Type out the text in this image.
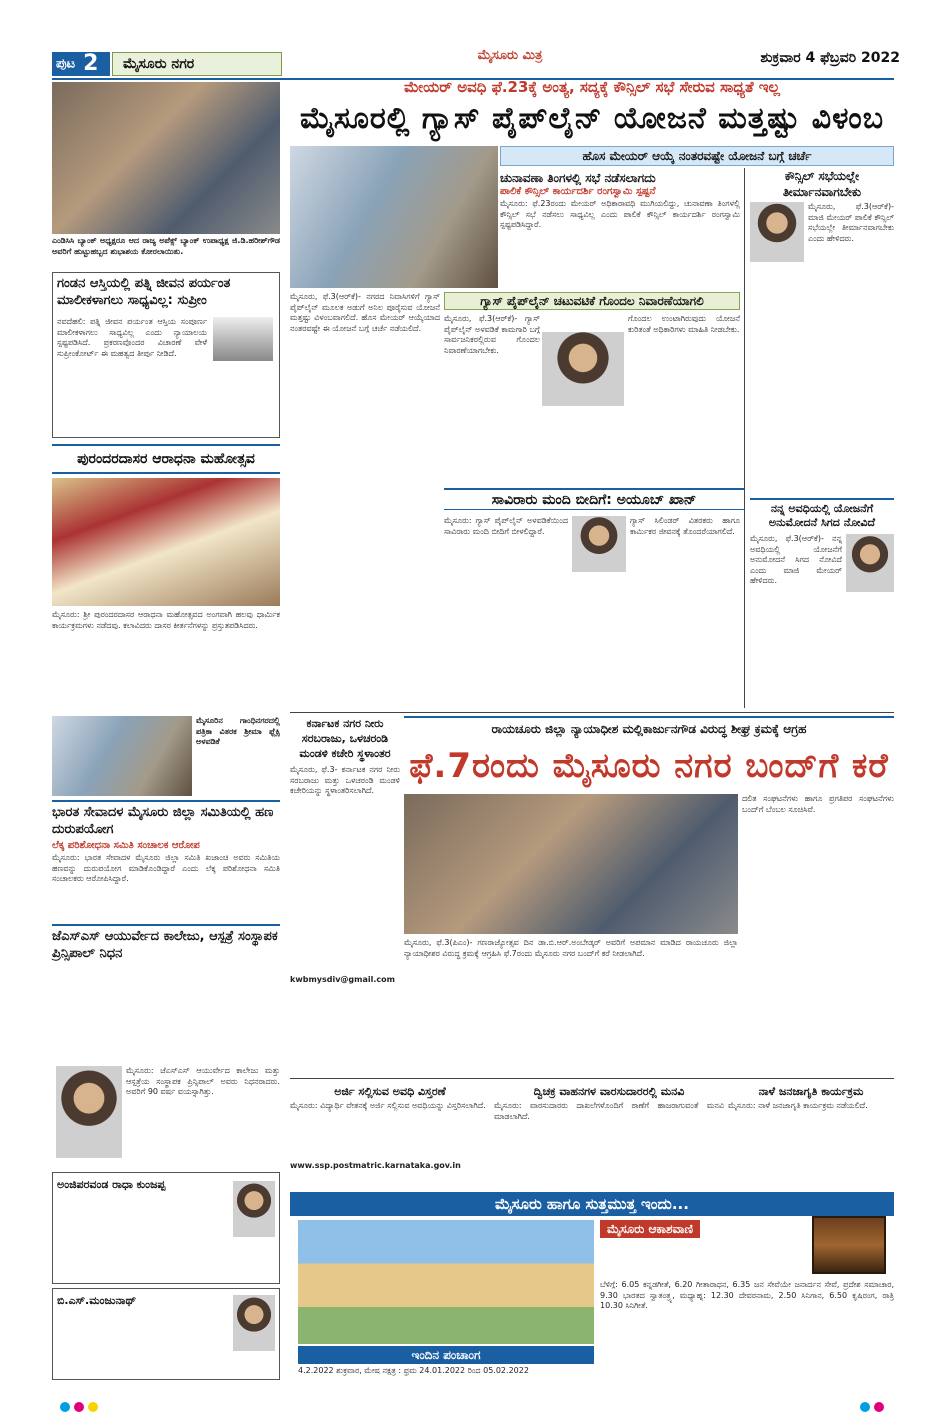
ಪುಟ 2	ಮೈಸೂರು ನಗರ
ಮೈಸೂರು ಮಿತ್ರ	ಶುಕ್ರವಾರ 4 ಫೆಬ್ರವರಿ 2022
ಎಂಡಿಸಿಸಿ ಬ್ಯಾಂಕ್ ಅಧ್ಯಕ್ಷರೂ ಆದ ರಾಜ್ಯ ಅಪೆಕ್ಸ್ ಬ್ಯಾಂಕ್ ಉಪಾಧ್ಯಕ್ಷ ಜಿ.ಡಿ.ಹರೀಶ್‌ಗೌಡ ಅವರಿಗೆ ಹುಟ್ಟುಹಬ್ಬದ ಶುಭಾಶಯ ಕೋರಲಾಯಿತು.
ಗಂಡನ ಆಸ್ತಿಯಲ್ಲಿ ಪತ್ನಿ ಜೀವನ ಪರ್ಯಂತ ಮಾಲೀಕಳಾಗಲು ಸಾಧ್ಯವಿಲ್ಲ: ಸುಪ್ರೀಂ
ನವದೆಹಲಿ: ಪತ್ನಿ ಜೀವನ ಪರ್ಯಂತ ಆಸ್ತಿಯ ಸಂಪೂರ್ಣ ಮಾಲೀಕಳಾಗಲು ಸಾಧ್ಯವಿಲ್ಲ ಎಂದು ನ್ಯಾಯಾಲಯ ಸ್ಪಷ್ಟಪಡಿಸಿದೆ. ಪ್ರಕರಣವೊಂದರ ವಿಚಾರಣೆ ವೇಳೆ ಸುಪ್ರೀಂಕೋರ್ಟ್ ಈ ಮಹತ್ವದ ತೀರ್ಪು ನೀಡಿದೆ.
ಪುರಂದರದಾಸರ ಆರಾಧನಾ ಮಹೋತ್ಸವ
ಮೈಸೂರು: ಶ್ರೀ ಪುರಂದರದಾಸರ ಆರಾಧನಾ ಮಹೋತ್ಸವದ ಅಂಗವಾಗಿ ಹಲವು ಧಾರ್ಮಿಕ ಕಾರ್ಯಕ್ರಮಗಳು ನಡೆದವು. ಕಲಾವಿದರು ದಾಸರ ಕೀರ್ತನೆಗಳನ್ನು ಪ್ರಸ್ತುತಪಡಿಸಿದರು.
ಮೈಸೂರಿನ ಗಾಂಧಿನಗರದಲ್ಲಿ ಪತ್ರಿಕಾ ವಿತರಕ ಶ್ರೀಮಾ ಫ್ಲೆಕ್ಸಿ ಅಳವಡಿಕೆ
ಭಾರತ ಸೇವಾದಳ ಮೈಸೂರು ಜಿಲ್ಲಾ ಸಮಿತಿಯಲ್ಲಿ ಹಣ ದುರುಪಯೋಗ
ಲೆಕ್ಕ ಪರಿಶೋಧನಾ ಸಮಿತಿ ಸಂಚಾಲಕ ಆರೋಪ
ಮೈಸೂರು: ಭಾರತ ಸೇವಾದಳ ಮೈಸೂರು ಜಿಲ್ಲಾ ಸಮಿತಿ ಖಜಾಂಚಿ ಅವರು ಸಮಿತಿಯ ಹಣವನ್ನು ದುರುಪಯೋಗ ಮಾಡಿಕೊಂಡಿದ್ದಾರೆ ಎಂದು ಲೆಕ್ಕ ಪರಿಶೋಧನಾ ಸಮಿತಿ ಸಂಚಾಲಕರು ಆರೋಪಿಸಿದ್ದಾರೆ.
ಜೆಎಸ್‌ಎಸ್ ಆಯುರ್ವೇದ ಕಾಲೇಜು, ಆಸ್ಪತ್ರೆ ಸಂಸ್ಥಾಪಕ ಪ್ರಿನ್ಸಿಪಾಲ್ ನಿಧನ
ಮೈಸೂರು: ಜೆಎಸ್‌ಎಸ್ ಆಯುರ್ವೇದ ಕಾಲೇಜು ಮತ್ತು ಆಸ್ಪತ್ರೆಯ ಸಂಸ್ಥಾಪಕ ಪ್ರಿನ್ಸಿಪಾಲ್ ಅವರು ನಿಧನರಾದರು. ಅವರಿಗೆ 90 ವರ್ಷ ವಯಸ್ಸಾಗಿತ್ತು.
ಅಂಜಿಪರವಂಡ ರಾಧಾ ಕುಂಜಪ್ಪ
ಬಿ.ಎಸ್.ಮಂಜುನಾಥ್
ಮೇಯರ್ ಅವಧಿ ಫೆ.23ಕ್ಕೆ ಅಂತ್ಯ, ಸದ್ಯಕ್ಕೆ ಕೌನ್ಸಿಲ್ ಸಭೆ ಸೇರುವ ಸಾಧ್ಯತೆ ಇಲ್ಲ
ಮೈಸೂರಲ್ಲಿ ಗ್ಯಾಸ್ ಪೈಪ್‌ಲೈನ್ ಯೋಜನೆ ಮತ್ತಷ್ಟು ವಿಳಂಬ
ಹೊಸ ಮೇಯರ್ ಆಯ್ಕೆ ನಂತರವಷ್ಟೇ ಯೋಜನೆ ಬಗ್ಗೆ ಚರ್ಚೆ
ಚುನಾವಣಾ ತಿಂಗಳಲ್ಲಿ ಸಭೆ ನಡೆಸಲಾಗದು
ಪಾಲಿಕೆ ಕೌನ್ಸಿಲ್ ಕಾರ್ಯದರ್ಶಿ ರಂಗಸ್ವಾಮಿ ಸ್ಪಷ್ಟನೆ
ಮೈಸೂರು: ಫೆ.23ರಂದು ಮೇಯರ್ ಅಧಿಕಾರಾವಧಿ ಮುಗಿಯಲಿದ್ದು, ಚುನಾವಣಾ ತಿಂಗಳಲ್ಲಿ ಕೌನ್ಸಿಲ್ ಸಭೆ ನಡೆಸಲು ಸಾಧ್ಯವಿಲ್ಲ ಎಂದು ಪಾಲಿಕೆ ಕೌನ್ಸಿಲ್ ಕಾರ್ಯದರ್ಶಿ ರಂಗಸ್ವಾಮಿ ಸ್ಪಷ್ಟಪಡಿಸಿದ್ದಾರೆ.
ಕೌನ್ಸಿಲ್ ಸಭೆಯಲ್ಲೇ ತೀರ್ಮಾನವಾಗಬೇಕು
ಮೈಸೂರು, ಫೆ.3(ಆರ್‌ಕೆ)- ಮಾಜಿ ಮೇಯರ್ ಪಾಲಿಕೆ ಕೌನ್ಸಿಲ್ ಸಭೆಯಲ್ಲೇ ತೀರ್ಮಾನವಾಗಬೇಕು ಎಂದು ಹೇಳಿದರು.
ಮೈಸೂರು, ಫೆ.3(ಆರ್‌ಕೆ)- ನಗರದ ನಿವಾಸಿಗಳಿಗೆ ಗ್ಯಾಸ್ ಪೈಪ್‌ಲೈನ್ ಮೂಲಕ ಅಡುಗೆ ಅನಿಲ ಪೂರೈಸುವ ಯೋಜನೆ ಮತ್ತಷ್ಟು ವಿಳಂಬವಾಗಲಿದೆ. ಹೊಸ ಮೇಯರ್ ಆಯ್ಕೆಯಾದ ನಂತರವಷ್ಟೇ ಈ ಯೋಜನೆ ಬಗ್ಗೆ ಚರ್ಚೆ ನಡೆಯಲಿದೆ.
ಗ್ಯಾಸ್ ಪೈಪ್‌ಲೈನ್ ಚಟುವಟಿಕೆ ಗೊಂದಲ ನಿವಾರಣೆಯಾಗಲಿ
ಮೈಸೂರು, ಫೆ.3(ಆರ್‌ಕೆ)- ಗ್ಯಾಸ್ ಪೈಪ್‌ಲೈನ್ ಅಳವಡಿಕೆ ಕಾಮಗಾರಿ ಬಗ್ಗೆ ಸಾರ್ವಜನಿಕರಲ್ಲಿರುವ ಗೊಂದಲ ನಿವಾರಣೆಯಾಗಬೇಕು.
ಗೊಂದಲ ಉಂಟಾಗಿರುವುದು ಯೋಜನೆ ಕುರಿತಂತೆ ಅಧಿಕಾರಿಗಳು ಮಾಹಿತಿ ನೀಡಬೇಕು.
ಸಾವಿರಾರು ಮಂದಿ ಬೀದಿಗೆ: ಅಯೂಬ್ ಖಾನ್
ಮೈಸೂರು: ಗ್ಯಾಸ್ ಪೈಪ್‌ಲೈನ್ ಅಳವಡಿಕೆಯಿಂದ ಸಾವಿರಾರು ಮಂದಿ ಬೀದಿಗೆ ಬೀಳಲಿದ್ದಾರೆ.
ಗ್ಯಾಸ್ ಸಿಲಿಂಡರ್ ವಿತರಕರು ಹಾಗೂ ಕಾರ್ಮಿಕರ ಜೀವನಕ್ಕೆ ತೊಂದರೆಯಾಗಲಿದೆ.
ನನ್ನ ಅವಧಿಯಲ್ಲಿ ಯೋಜನೆಗೆ ಅನುಮೋದನೆ ಸಿಗದ ನೋವಿದೆ
ಮೈಸೂರು, ಫೆ.3(ಆರ್‌ಕೆ)- ನನ್ನ ಅವಧಿಯಲ್ಲಿ ಯೋಜನೆಗೆ ಅನುಮೋದನೆ ಸಿಗದ ನೋವಿದೆ ಎಂದು ಮಾಜಿ ಮೇಯರ್ ಹೇಳಿದರು.
ಕರ್ನಾಟಕ ನಗರ ನೀರು ಸರಬರಾಜು, ಒಳಚರಂಡಿ ಮಂಡಳಿ ಕಚೇರಿ ಸ್ಥಳಾಂತರ
ಮೈಸೂರು, ಫೆ.3- ಕರ್ನಾಟಕ ನಗರ ನೀರು ಸರಬರಾಜು ಮತ್ತು ಒಳಚರಂಡಿ ಮಂಡಳಿ ಕಚೇರಿಯನ್ನು ಸ್ಥಳಾಂತರಿಸಲಾಗಿದೆ.
kwbmysdiv@gmail.com
ರಾಯಚೂರು ಜಿಲ್ಲಾ ನ್ಯಾಯಾಧೀಶ ಮಲ್ಲಿಕಾರ್ಜುನಗೌಡ ವಿರುದ್ಧ ಶೀಘ್ರ ಕ್ರಮಕ್ಕೆ ಆಗ್ರಹ
ಫೆ.7ರಂದು ಮೈಸೂರು ನಗರ ಬಂದ್‌ಗೆ ಕರೆ
ಮೈಸೂರು, ಫೆ.3(ಪಿಎಂ)- ಗಣರಾಜ್ಯೋತ್ಸವ ದಿನ ಡಾ.ಬಿ.ಆರ್.ಅಂಬೇಡ್ಕರ್ ಅವರಿಗೆ ಅಪಮಾನ ಮಾಡಿದ ರಾಯಚೂರು ಜಿಲ್ಲಾ ನ್ಯಾಯಾಧೀಶರ ವಿರುದ್ಧ ಕ್ರಮಕ್ಕೆ ಆಗ್ರಹಿಸಿ ಫೆ.7ರಂದು ಮೈಸೂರು ನಗರ ಬಂದ್‌ಗೆ ಕರೆ ನೀಡಲಾಗಿದೆ.
ದಲಿತ ಸಂಘಟನೆಗಳು ಹಾಗೂ ಪ್ರಗತಿಪರ ಸಂಘಟನೆಗಳು ಬಂದ್‌ಗೆ ಬೆಂಬಲ ಸೂಚಿಸಿವೆ.
ಅರ್ಜಿ ಸಲ್ಲಿಸುವ ಅವಧಿ ವಿಸ್ತರಣೆ
ಮೈಸೂರು: ವಿದ್ಯಾರ್ಥಿ ವೇತನಕ್ಕೆ ಅರ್ಜಿ ಸಲ್ಲಿಸುವ ಅವಧಿಯನ್ನು ವಿಸ್ತರಿಸಲಾಗಿದೆ.
www.ssp.postmatric.karnataka.gov.in
ದ್ವಿಚಕ್ರ ವಾಹನಗಳ ವಾರಸುದಾರರಲ್ಲಿ ಮನವಿ
ಮೈಸೂರು: ವಾರಸುದಾರರು ದಾಖಲೆಗಳೊಂದಿಗೆ ಠಾಣೆಗೆ ಹಾಜರಾಗುವಂತೆ ಮನವಿ ಮಾಡಲಾಗಿದೆ.
ನಾಳೆ ಜನಜಾಗೃತಿ ಕಾರ್ಯಕ್ರಮ
ಮೈಸೂರು: ನಾಳೆ ಜನಜಾಗೃತಿ ಕಾರ್ಯಕ್ರಮ ನಡೆಯಲಿದೆ.
ಮೈಸೂರು ಹಾಗೂ ಸುತ್ತಮುತ್ತ ಇಂದು...
ಇಂದಿನ ಪಂಚಾಂಗ
4.2.2022 ಶುಕ್ರವಾರ, ಮೇಷ ನಕ್ಷತ್ರ : ಫ್ರಮ 24.01.2022 ರಿಂದ 05.02.2022
ಮೈಸೂರು ಆಕಾಶವಾಣಿ
ಬೆಳಿಗ್ಗೆ: 6.05 ಕನ್ನಡಗೀತೆ, 6.20 ಗೀತಾರಾಧನ, 6.35 ಜನ ಸೇವೆಯೇ ಜನಾರ್ದನ ಸೇವೆ, ಪ್ರದೇಶ ಸಮಾಚಾರ, 9.30 ಭಾರತದ ಸ್ವಾತಂತ್ರ್ಯ, ಮಧ್ಯಾಹ್ನ: 12.30 ದೇವರನಾಮ, 2.50 ಸಿನಿಗಾನ, 6.50 ಕೃಷಿರಂಗ, ರಾತ್ರಿ 10.30 ಸಿನಿಗೀತೆ.
